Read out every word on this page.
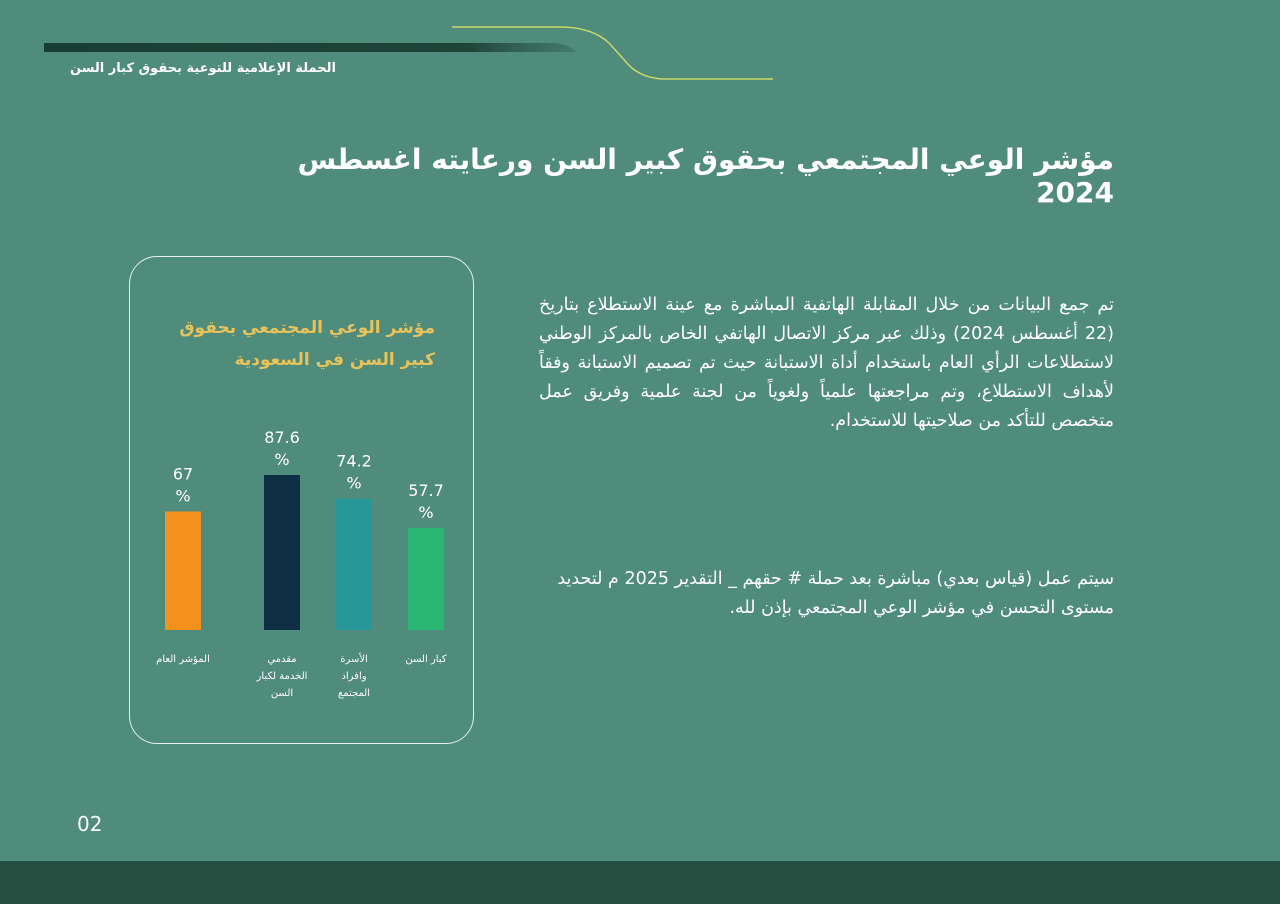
الحملة الإعلامية للتوعية بحقوق كبار السن
مؤشر الوعي المجتمعي بحقوق كبير السن ورعايته اغسطس 2024

تم جمع البيانات من خلال المقابلة الهاتفية المباشرة مع عينة الاستطلاع بتاريخ (22 أغسطس 2024) وذلك عبر مركز الاتصال الهاتفي الخاص بالمركز الوطني لاستطلاعات الرأي العام باستخدام أداة الاستبانة حيث تم تصميم الاستبانة وفقاً لأهداف الاستطلاع، وتم مراجعتها علمياً ولغوياً من لجنة علمية وفريق عمل متخصص للتأكد من صلاحيتها للاستخدام.

سيتم عمل (قياس بعدي) مباشرة بعد حملة # حقهم _ التقدير 2025 م لتحديد مستوى التحسن في مؤشر الوعي المجتمعي بإذن لله.

مؤشر الوعي المجتمعي بحقوق
كبير السن في السعودية
67
%
المؤشر العام
87.6
%
مقدمي
الخدمة لكبار
السن
74.2
%
الأسرة
وافراد
المجتمع
57.7
%
كبار السن
02
